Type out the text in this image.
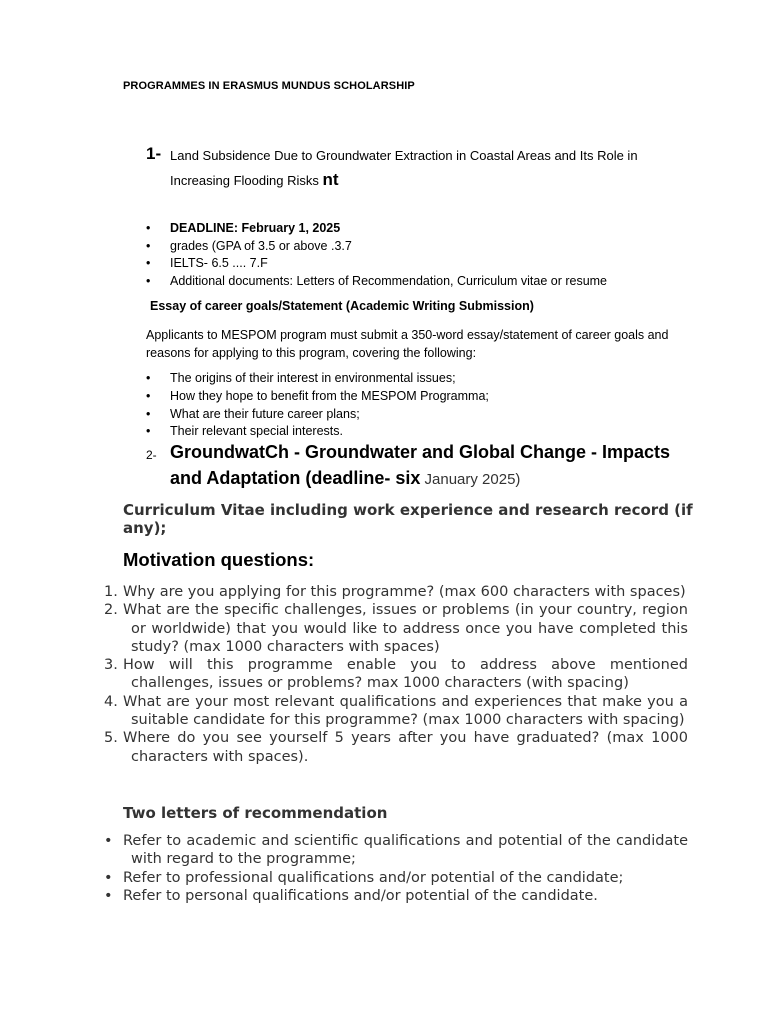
PROGRAMMES IN ERASMUS MUNDUS SCHOLARSHIP
1- Land Subsidence Due to Groundwater Extraction in Coastal Areas and Its Role in
Increasing Flooding Risks nt
• DEADLINE: February 1, 2025
• grades (GPA of 3.5 or above .3.7
• IELTS- 6.5 .... 7.F
• Additional documents: Letters of Recommendation, Curriculum vitae or resume
Essay of career goals/Statement (Academic Writing Submission)
Applicants to MESPOM program must submit a 350-word essay/statement of career goals and reasons for applying to this program, covering the following:
• The origins of their interest in environmental issues;
• How they hope to benefit from the MESPOM Programma;
• What are their future career plans;
• Their relevant special interests.
2- GroundwatCh - Groundwater and Global Change - Impacts
and Adaptation (deadline- six January 2025)
Curriculum Vitae including work experience and research record (if any);
Motivation questions:
1. Why are you applying for this programme? (max 600 characters with spaces)
2. What are the specific challenges, issues or problems (in your country, region or worldwide) that you would like to address once you have completed this study? (max 1000 characters with spaces)
3. How will this programme enable you to address above mentioned challenges, issues or problems? max 1000 characters (with spacing)
4. What are your most relevant qualifications and experiences that make you a suitable candidate for this programme? (max 1000 characters with spacing)
5. Where do you see yourself 5 years after you have graduated? (max 1000 characters with spaces).
Two letters of recommendation
• Refer to academic and scientific qualifications and potential of the candidate with regard to the programme;
• Refer to professional qualifications and/or potential of the candidate;
• Refer to personal qualifications and/or potential of the candidate.
